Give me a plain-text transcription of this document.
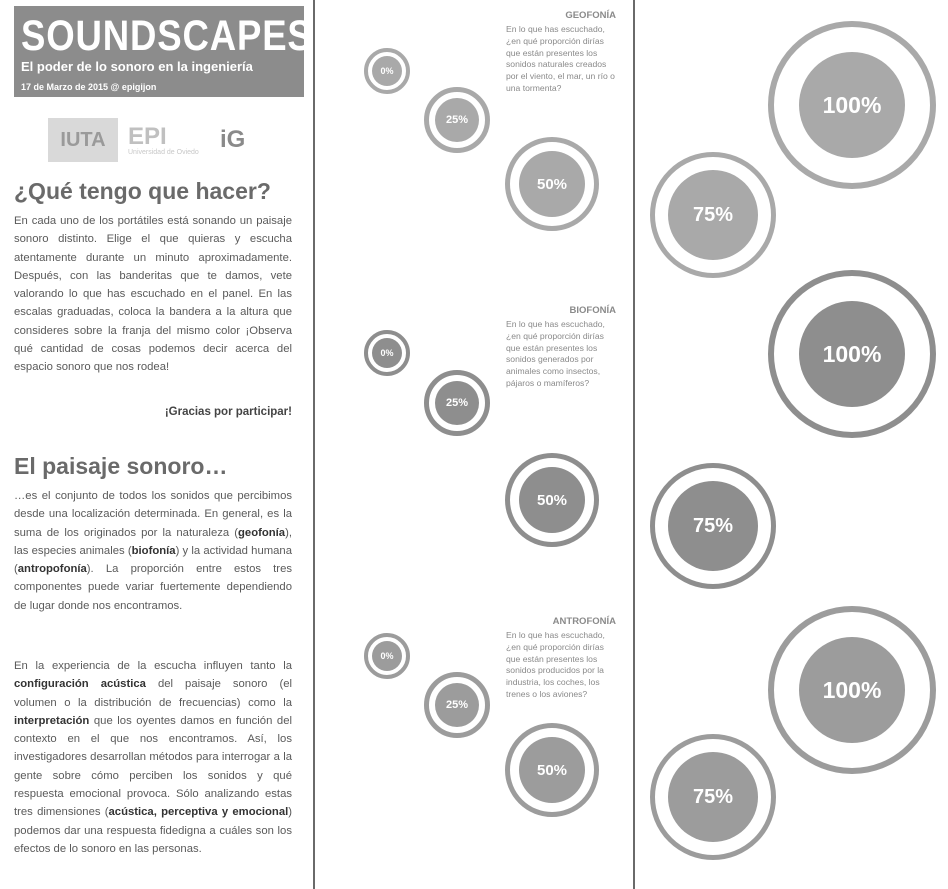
SOUNDSCAPES
El poder de lo sonoro en la ingeniería
17 de Marzo de 2015 @ epigijon
IUTA EPI
Universidad de Oviedo iG
¿Qué tengo que hacer?
En cada uno de los portátiles está sonando un paisaje sonoro distinto. Elige el que quieras y escucha atentamente durante un minuto aproximadamente. Después, con las banderitas que te damos, vete valorando lo que has escuchado en el panel. En las escalas graduadas, coloca la bandera a la altura que consideres sobre la franja del mismo color ¡Observa qué cantidad de cosas podemos decir acerca del espacio sonoro que nos rodea!
¡Gracias por participar!
El paisaje sonoro…
…es el conjunto de todos los sonidos que percibimos desde una localización determinada. En general, es la suma de los originados por la naturaleza (geofonía), las especies animales (biofonía) y la actividad humana (antropofonía). La proporción entre estos tres componentes puede variar fuertemente dependiendo de lugar donde nos encontramos.
En la experiencia de la escucha influyen tanto la configuración acústica del paisaje sonoro (el volumen o la distribución de frecuencias) como la interpretación que los oyentes damos en función del contexto en el que nos encontramos. Así, los investigadores desarrollan métodos para interrogar a la gente sobre cómo perciben los sonidos y qué respuesta emocional provoca. Sólo analizando estas tres dimensiones (acústica, perceptiva y emocional) podemos dar una respuesta fidedigna a cuáles son los efectos de lo sonoro en las personas.
GEOFONÍA
En lo que has escuchado, ¿en qué proporción dirías que están presentes los sonidos naturales creados por el viento, el mar, un río o una tormenta?
BIOFONÍA
En lo que has escuchado, ¿en qué proporción dirías que están presentes los sonidos generados por animales como insectos, pájaros o mamíferos?
ANTROFONÍA
En lo que has escuchado, ¿en qué proporción dirías que están presentes los sonidos producidos por la industria, los coches, los trenes o los aviones?
0%
25%
50%
75%
100%
0%
25%
50%
75%
100%
0%
25%
50%
75%
100%
